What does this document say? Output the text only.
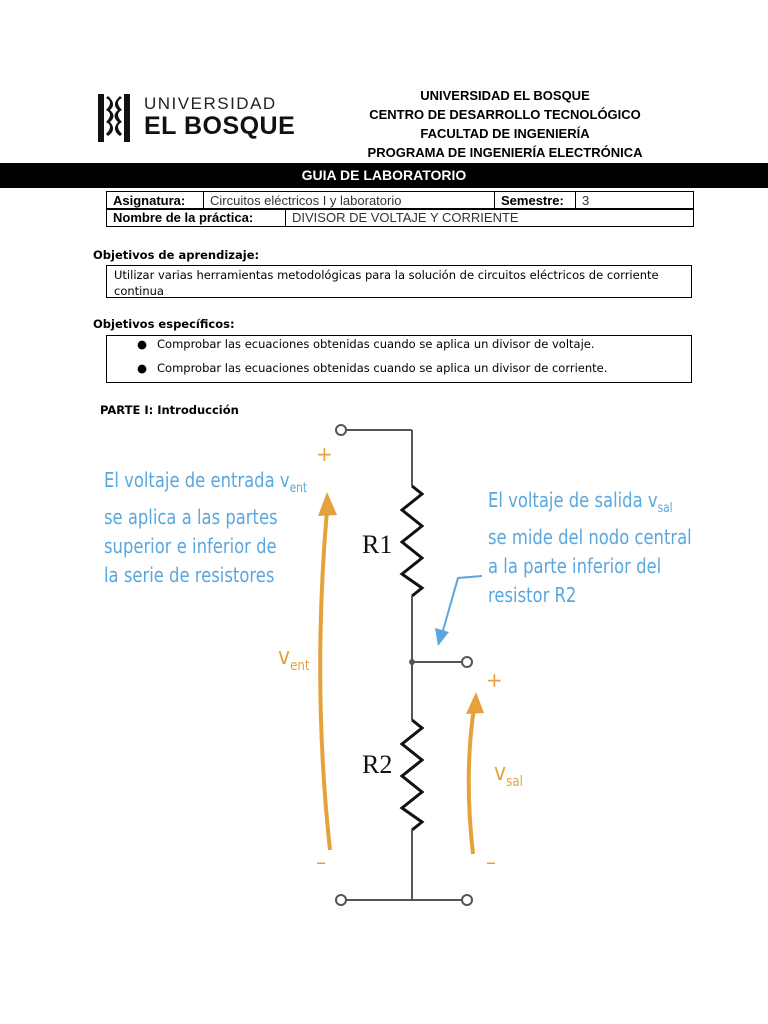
UNIVERSIDAD
EL BOSQUE
UNIVERSIDAD EL BOSQUE
CENTRO DE DESARROLLO TECNOLÓGICO
FACULTAD DE INGENIERÍA
PROGRAMA DE INGENIERÍA ELECTRÓNICA
GUIA DE LABORATORIO
Asignatura:	Circuitos eléctricos I y laboratorio	Semestre:	3
Nombre de la práctica:	DIVISOR DE VOLTAJE Y CORRIENTE
Objetivos de aprendizaje:
Utilizar varias herramientas metodológicas para la solución de circuitos eléctricos de corriente
continua
Objetivos específicos:
● Comprobar las ecuaciones obtenidas cuando se aplica un divisor de voltaje.
● Comprobar las ecuaciones obtenidas cuando se aplica un divisor de corriente.
PARTE I: Introducción
El voltaje de entrada $v_{ent}$
se aplica a las partes
superior e inferior de
la serie de resistores
El voltaje de salida $v_{sal}$
se mide del nodo central
a la parte inferior del
resistor R2
R1
R2
$v_{ent}$
$v_{sal}$
+
–
+
–
